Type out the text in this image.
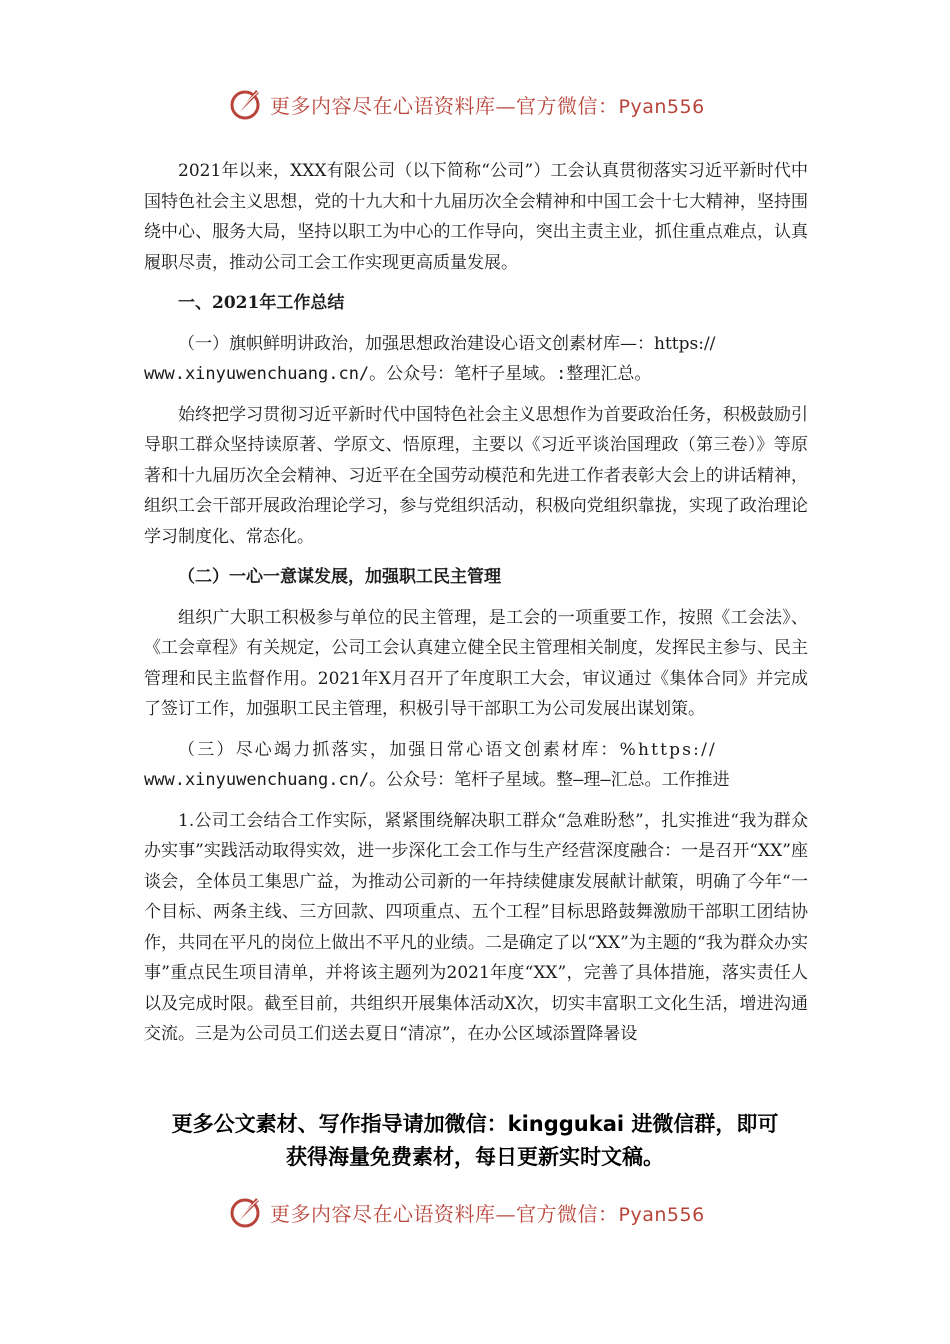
更多内容尽在心语资料库—官方微信：Pyan556

2021年以来，XXX有限公司（以下简称“公司”）工会认真贯彻落实习近平新时代中国特色社会主义思想，党的十九大和十九届历次全会精神和中国工会十七大精神，坚持围绕中心、服务大局，坚持以职工为中心的工作导向，突出主责主业，抓住重点难点，认真履职尽责，推动公司工会工作实现更高质量发展。

一、2021年工作总结

（一）旗帜鲜明讲政治，加强思想政治建设心语文创素材库—：https://

www.xinyuwenchuang.cn/。公众号：笔杆子星域。:整理汇总。

始终把学习贯彻习近平新时代中国特色社会主义思想作为首要政治任务，积极鼓励引导职工群众坚持读原著、学原文、悟原理，主要以《习近平谈治国理政（第三卷）》等原著和十九届历次全会精神、习近平在全国劳动模范和先进工作者表彰大会上的讲话精神，组织工会干部开展政治理论学习，参与党组织活动，积极向党组织靠拢，实现了政治理论学习制度化、常态化。

（二）一心一意谋发展，加强职工民主管理

组织广大职工积极参与单位的民主管理，是工会的一项重要工作，按照《工会法》、《工会章程》有关规定，公司工会认真建立健全民主管理相关制度，发挥民主参与、民主管理和民主监督作用。2021年X月召开了年度职工大会，审议通过《集体合同》并完成了签订工作，加强职工民主管理，积极引导干部职工为公司发展出谋划策。

（三）尽心竭力抓落实，加强日常心语文创素材库：%https://

www.xinyuwenchuang.cn/。公众号：笔杆子星域。整—理—汇总。工作推进

1.公司工会结合工作实际，紧紧围绕解决职工群众“急难盼愁”，扎实推进“我为群众办实事”实践活动取得实效，进一步深化工会工作与生产经营深度融合：一是召开“XX”座谈会，全体员工集思广益，为推动公司新的一年持续健康发展献计献策，明确了今年“一个目标、两条主线、三方回款、四项重点、五个工程”目标思路鼓舞激励干部职工团结协作，共同在平凡的岗位上做出不平凡的业绩。二是确定了以“XX”为主题的“我为群众办实事”重点民生项目清单，并将该主题列为2021年度“XX”，完善了具体措施，落实责任人以及完成时限。截至目前，共组织开展集体活动X次，切实丰富职工文化生活，增进沟通交流。三是为公司员工们送去夏日“清凉”，在办公区域添置降暑设

更多公文素材、写作指导请加微信：kinggukai 进微信群，即可
获得海量免费素材，每日更新实时文稿。
更多内容尽在心语资料库—官方微信：Pyan556
